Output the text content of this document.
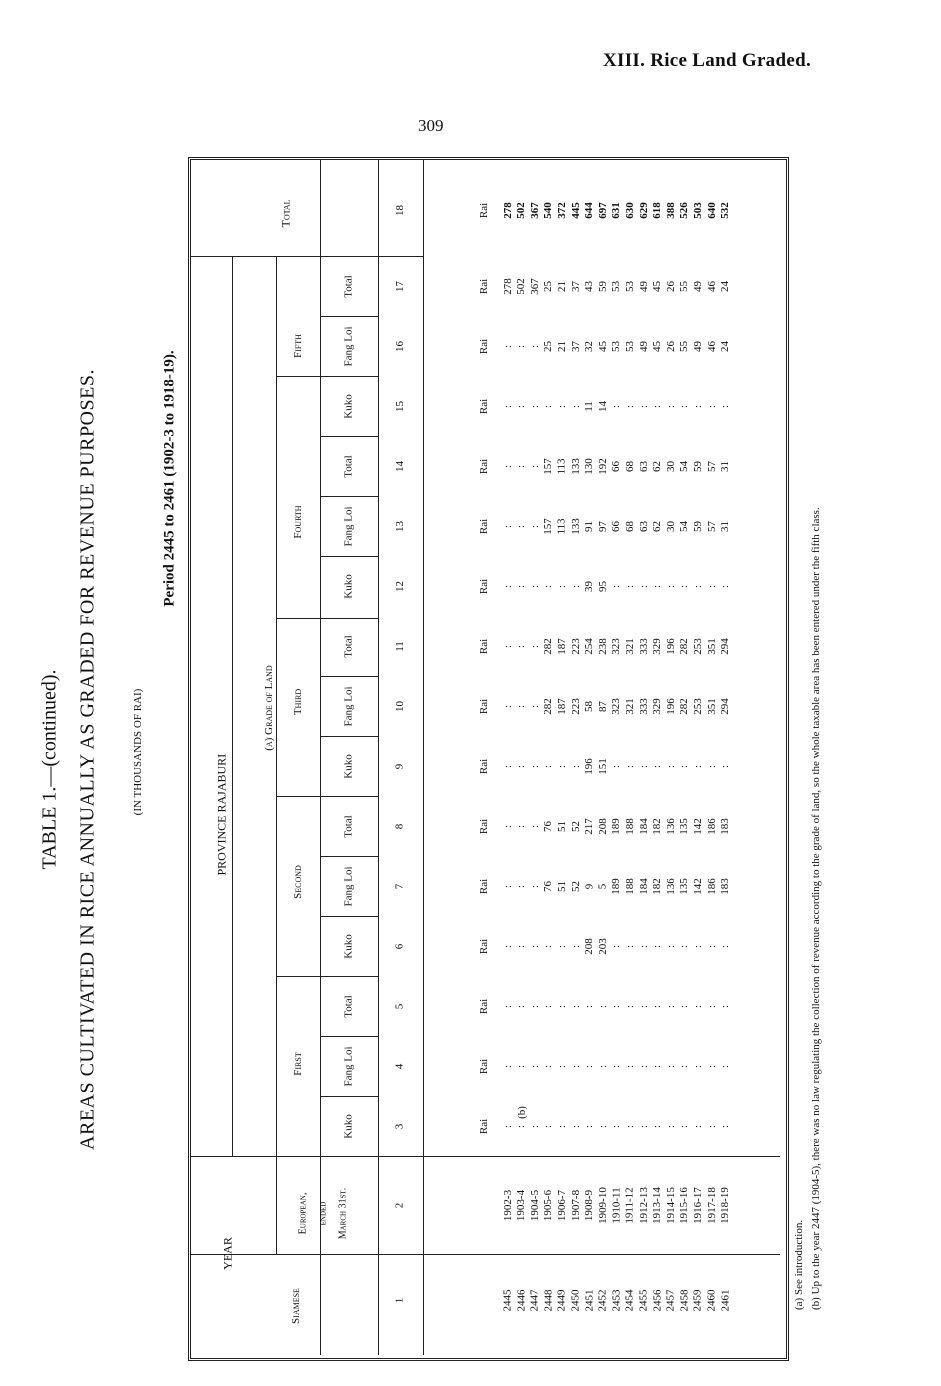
XIII. Rice Land Graded.
309
TABLE 1.—(continued). AREAS CULTIVATED IN RICE ANNUALLY AS GRADED FOR REVENUE PURPOSES.	(IN THOUSANDS OF RAI)
Period 2445 to 2461 (1902-3 to 1918-19).
PROVINCE RAJABURI
(a) Grade of Land
YEAR
Total
Siamese
European, ended March 31st.
First
Second
Third
Fourth
Fifth
Kuko
Fang Loi
Total
Kuko
Fang Loi
Total
Kuko
Fang Loi
Total
Kuko
Fang Loi
Total
Kuko
Fang Loi
Total
1
2
3
4
5
6
7
8
9
10
11
12
13
14
15
16
17
18
Rai
Rai
Rai
Rai
Rai
Rai
Rai
Rai
Rai
Rai
Rai
Rai
Rai
Rai
Rai
Rai
(b)
2445
1902-3
:
:
:
:
:
:
:
:
:
:
:
:
:
:
278
278
2446
1903-4
:
:
:
:
:
:
:
:
:
:
:
:
:
:
502
502
2447
1904-5
:
:
:
:
:
:
:
:
:
:
:
:
:
:
367
367
2448
1905-6
:
:
:
:
76
76
:
282
282
:
157
157
:
25
25
540
2449
1906-7
:
:
:
:
51
51
:
187
187
:
113
113
:
21
21
372
2450
1907-8
:
:
:
:
52
52
:
223
223
:
133
133
:
37
37
445
2451
1908-9
:
:
:
208
9
217
196
58
254
39
91
130
11
32
43
644
2452
1909-10
:
:
:
203
5
208
151
87
238
95
97
192
14
45
59
697
2453
1910-11
:
:
:
:
189
189
:
323
323
:
66
66
:
53
53
631
2454
1911-12
:
:
:
:
188
188
:
321
321
:
68
68
:
53
53
630
2455
1912-13
:
:
:
:
184
184
:
333
333
:
63
63
:
49
49
629
2456
1913-14
:
:
:
:
182
182
:
329
329
:
62
62
:
45
45
618
2457
1914-15
:
:
:
:
136
136
:
196
196
:
30
30
:
26
26
388
2458
1915-16
:
:
:
:
135
135
:
282
282
:
54
54
:
55
55
526
2459
1916-17
:
:
:
:
142
142
:
253
253
:
59
59
:
49
49
503
2460
1917-18
:
:
:
:
186
186
:
351
351
:
57
57
:
46
46
640
2461
1918-19
:
:
:
:
183
183
:
294
294
:
31
31
:
24
24
532
(a) See introduction. (b) Up to the year 2447 (1904-5), there was no law regulating the collection of revenue according to the grade of land, so the whole taxable area has been entered under the fifth class.
